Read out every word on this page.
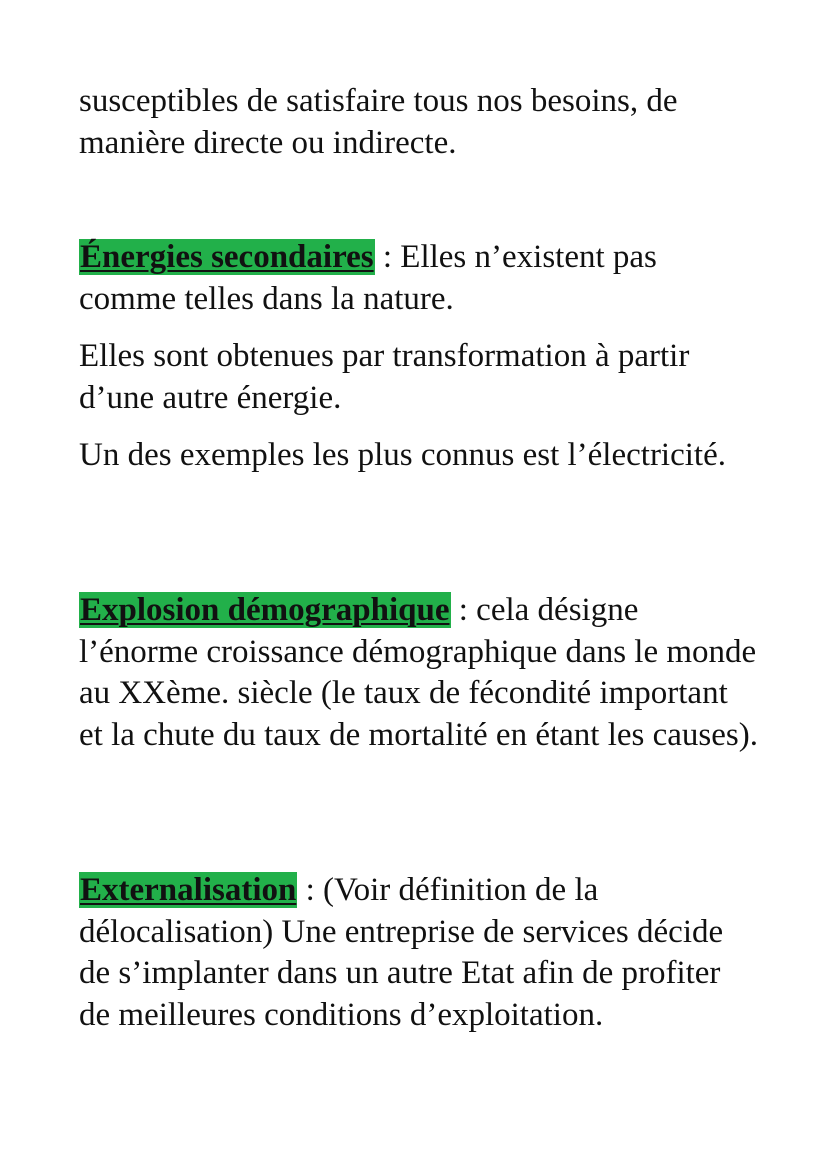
susceptibles de satisfaire tous nos besoins, de manière directe ou indirecte.

Énergies secondaires : Elles n’existent pas comme telles dans la nature.

Elles sont obtenues par transformation à partir d’une autre énergie.

Un des exemples les plus connus est l’électricité.

Explosion démographique : cela désigne l’énorme croissance démographique dans le monde au XXème. siècle (le taux de fécondité important et la chute du taux de mortalité en étant les causes).

Externalisation : (Voir définition de la délocalisation) Une entreprise de services décide de s’implanter dans un autre Etat afin de profiter de meilleures conditions d’exploitation.
